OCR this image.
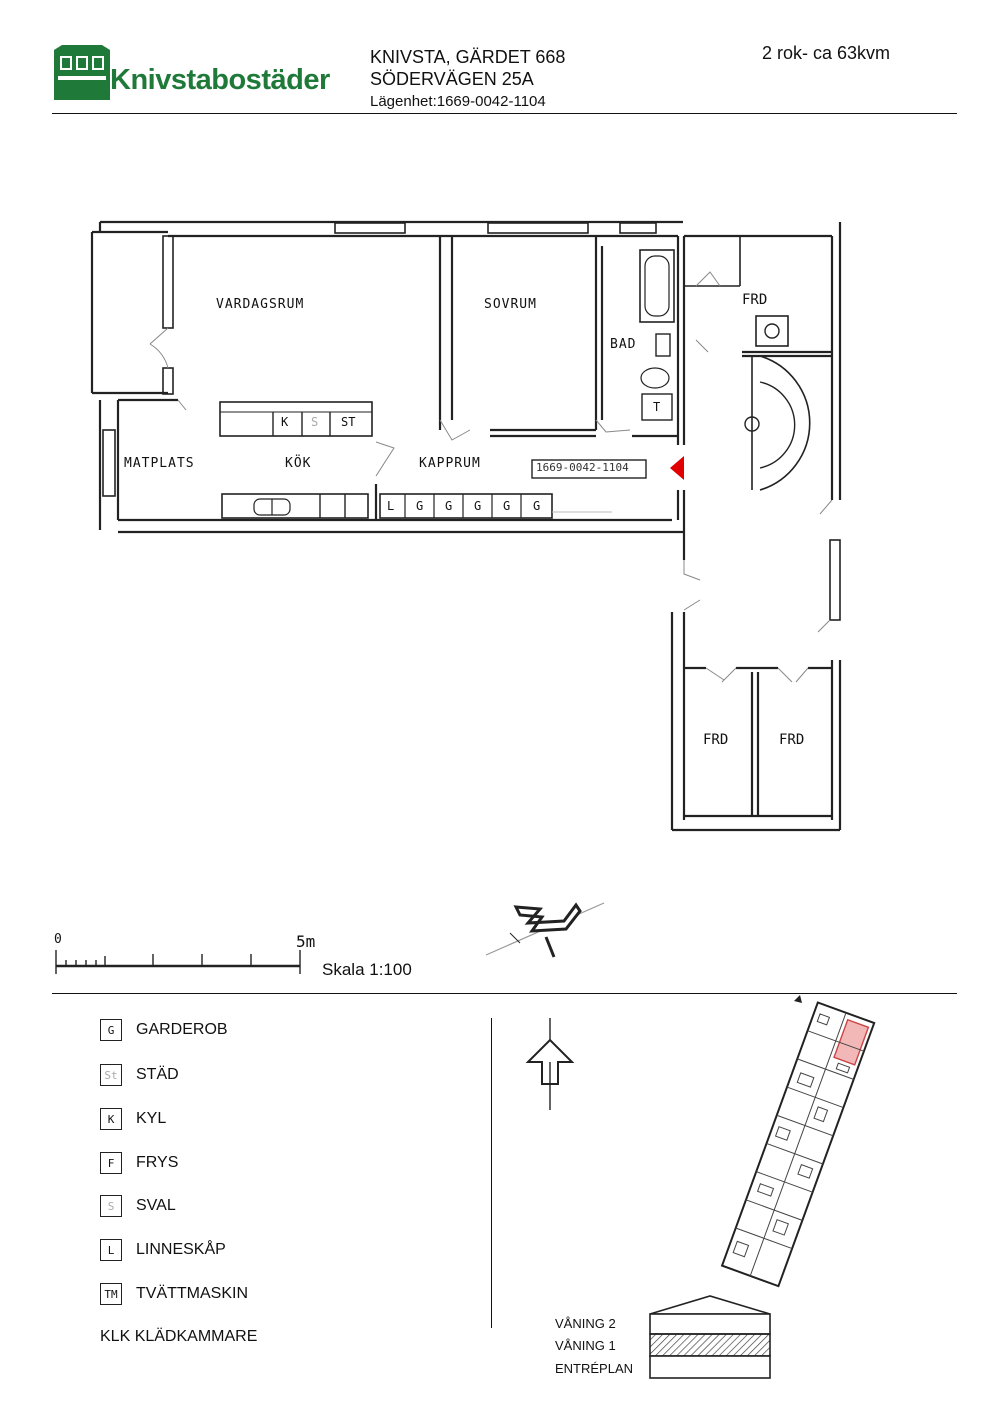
Knivstabostäder
KNIVSTA, GÄRDET 668
SÖDERVÄGEN 25A
Lägenhet:1669-0042-1104
2 rok- ca 63kvm
VARDAGSRUM	SOVRUM
BAD
FRD
MATPLATS	KÖK	KAPPRUM
FRD	FRD
1669-0042-1104
K S ST
T
L G G G G G
0	5m
Skala 1:100
G	GARDEROB
St STÄD
K	KYL
F	FRYS
S	SVAL
L	LINNESKÅP
TM TVÄTTMASKIN
KLK KLÄDKAMMARE
VÅNING 2
VÅNING 1
ENTRÉPLAN
